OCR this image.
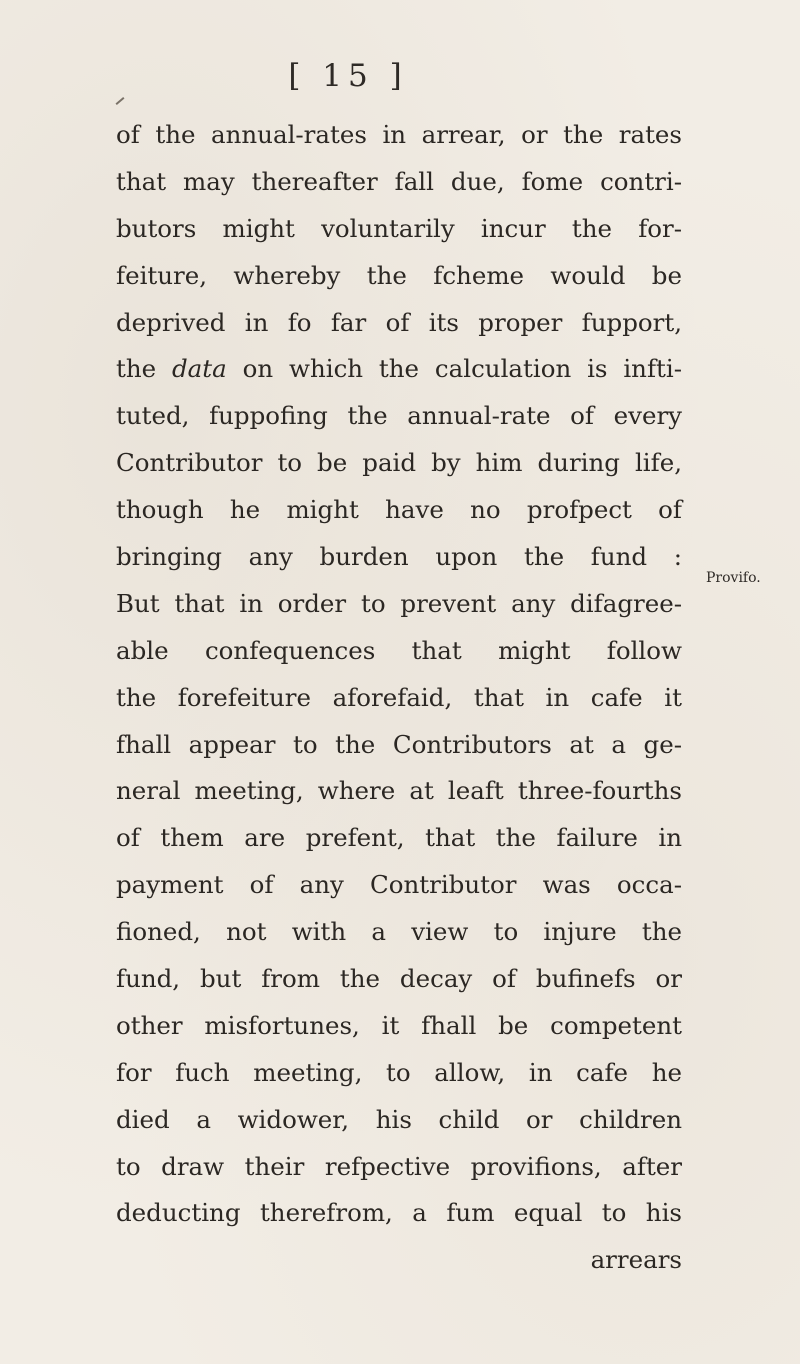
[ 15 ]
of the annual-rates in arrear, or the rates
that may thereafter fall due, fome contri-
butors might voluntarily incur the for-
feiture, whereby the fcheme would be
deprived in fo far of its proper fupport,
the data on which the calculation is infti-
tuted, fuppofing the annual-rate of every
Contributor to be paid by him during life,
though he might have no profpect of
bringing any burden upon the fund :
But that in order to prevent any difagree-
able confequences that might follow
the forefeiture aforefaid, that in cafe it
fhall appear to the Contributors at a ge-
neral meeting, where at leaft three-fourths
of them are prefent, that the failure in
payment of any Contributor was occa-
fioned, not with a view to injure the
fund, but from the decay of bufinefs or
other misfortunes, it fhall be competent
for fuch meeting, to allow, in cafe he
died a widower, his child or children
to draw their refpective provifions, after
deducting therefrom, a fum equal to his
arrears
Provifo.
